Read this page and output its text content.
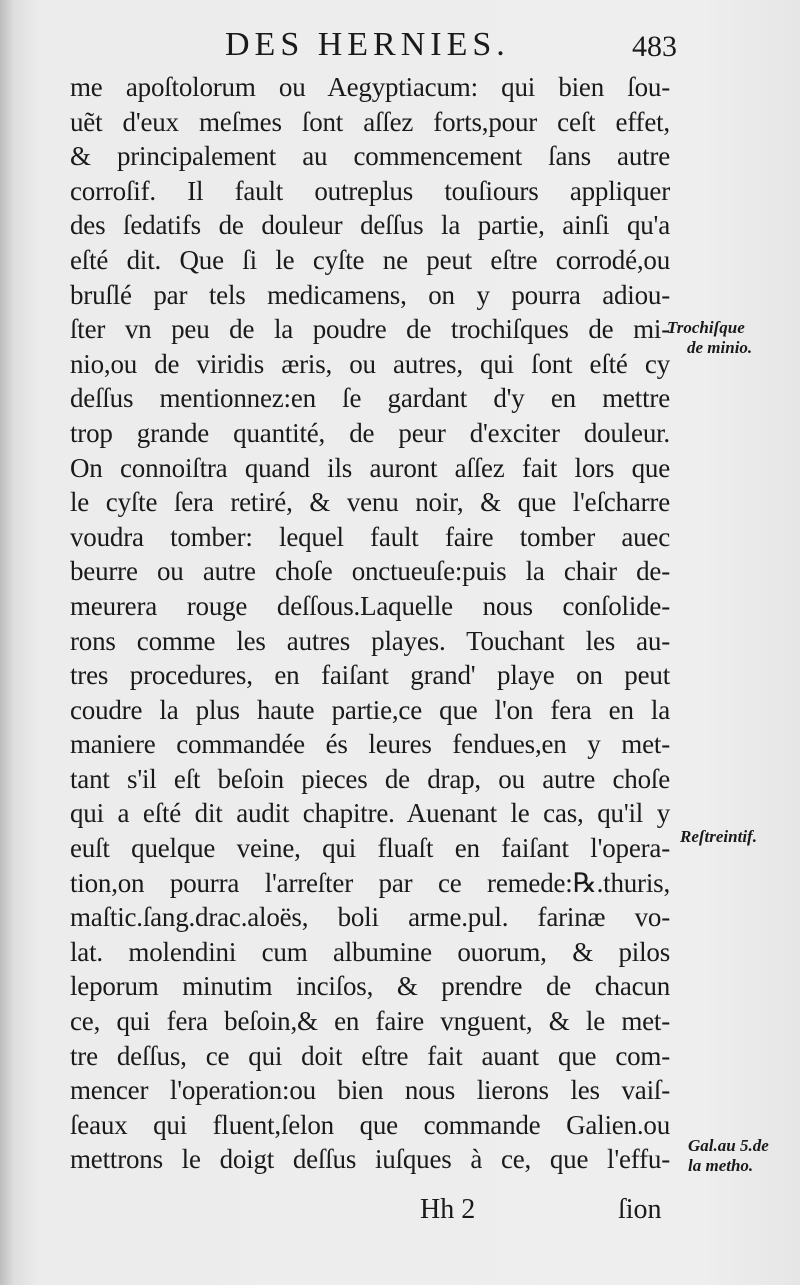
DES HERNIES.	483
me apoſtolorum ou Aegyptiacum: qui bien ſou-
uẽt d'eux meſmes ſont aſſez forts,pour ceſt effet,
& principalement au commencement ſans autre
corroſif. Il fault outreplus touſiours appliquer
des ſedatifs de douleur deſſus la partie, ainſi qu'a
eſté dit. Que ſi le cyſte ne peut eſtre corrodé,ou
bruſlé par tels medicamens, on y pourra adiou-
ſter vn peu de la poudre de trochiſques de mi-
nio,ou de viridis æris, ou autres, qui ſont eſté cy
deſſus mentionnez:en ſe gardant d'y en mettre
trop grande quantité, de peur d'exciter douleur.
On connoiſtra quand ils auront aſſez fait lors que
le cyſte ſera retiré, & venu noir, & que l'eſcharre
voudra tomber: lequel fault faire tomber auec
beurre ou autre choſe onctueuſe:puis la chair de-
meurera rouge deſſous.Laquelle nous conſolide-
rons comme les autres playes. Touchant les au-
tres procedures, en faiſant grand' playe on peut
coudre la plus haute partie,ce que l'on fera en la
maniere commandée és leures fendues,en y met-
tant s'il eſt beſoin pieces de drap, ou autre choſe
qui a eſté dit audit chapitre. Auenant le cas, qu'il y
euſt quelque veine, qui fluaſt en faiſant l'opera-
tion,on pourra l'arreſter par ce remede:℞.thuris,
maſtic.ſang.drac.aloës, boli arme.pul. farinæ vo-
lat. molendini cum albumine ouorum, & pilos
leporum minutim inciſos, & prendre de chacun
ce, qui fera beſoin,& en faire vnguent, & le met-
tre deſſus, ce qui doit eſtre fait auant que com-
mencer l'operation:ou bien nous lierons les vaiſ-
ſeaux qui fluent,ſelon que commande Galien.ou
mettrons le doigt deſſus iuſques à ce, que l'effu-
Trochiſque
de minio.
Reſtreintif.
Gal.au 5.de
la metho.
Hh 2	ſion
